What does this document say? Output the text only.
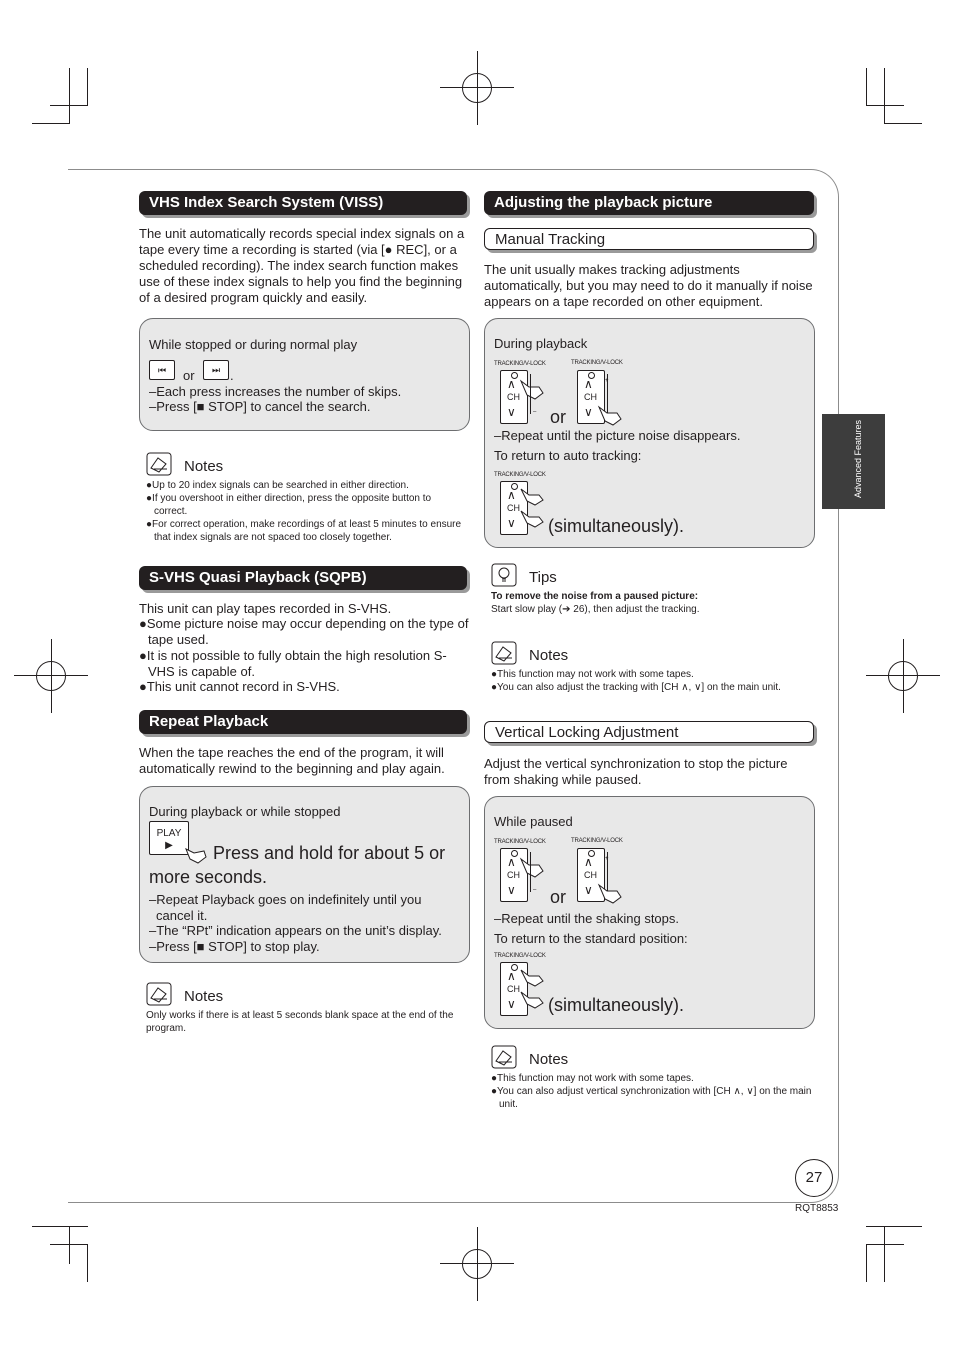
Advanced Features
VHS Index Search System (VISS)
The unit automatically records special index signals on a tape every time a recording is started (via [● REC], or a scheduled recording). The index search function makes use of these index signals to help you find the beginning of a desired program quickly and easily.
While stopped or during normal play
⏮	or	⏭ .
–Each press increases the number of skips.
–Press [■ STOP] to cancel the search.
Notes
●Up to 20 index signals can be searched in either direction.
●If you overshoot in either direction, press the opposite button to correct.
●For correct operation, make recordings of at least 5 minutes to ensure that index signals are not spaced too closely together.
S-VHS Quasi Playback (SQPB)
This unit can play tapes recorded in S-VHS.
●Some picture noise may occur depending on the type of tape used.
●It is not possible to fully obtain the high resolution S-VHS is capable of.
●This unit cannot record in S-VHS.
Repeat Playback
When the tape reaches the end of the program, it will automatically rewind to the beginning and play again.
During playback or while stopped
PLAY
▶	Press and hold for about 5 or more seconds.
–Repeat Playback goes on indefinitely until you cancel it.
–The “RPt” indication appears on the unit’s display.
–Press [■ STOP] to stop play.
Notes
Only works if there is at least 5 seconds blank space at the end of the program.
Adjusting the playback picture
Manual Tracking
The unit usually makes tracking adjustments automatically, but you may need to do it manually if noise appears on a tape recorded on other equipment.
During playback
TRACKING/V-LOCK
∧
CH
∨	– or
TRACKING/V-LOCK
∧
CH
∨
+
–Repeat until the picture noise disappears.
To return to auto tracking:
TRACKING/V-LOCK
∧
CH
∨ (simultaneously).
Tips
To remove the noise from a paused picture:
Start slow play (➔ 26), then adjust the tracking.
Notes
●This function may not work with some tapes.
●You can also adjust the tracking with [CH ∧, ∨] on the main unit.
Vertical Locking Adjustment
Adjust the vertical synchronization to stop the picture from shaking while paused.
While paused
TRACKING/V-LOCK
∧
CH
∨	– or
TRACKING/V-LOCK
∧
CH
∨
+
–Repeat until the shaking stops.
To return to the standard position:
TRACKING/V-LOCK
∧
CH
∨ (simultaneously).
Notes
●This function may not work with some tapes.
●You can also adjust vertical synchronization with [CH ∧, ∨] on the main unit.
27
RQT8853
